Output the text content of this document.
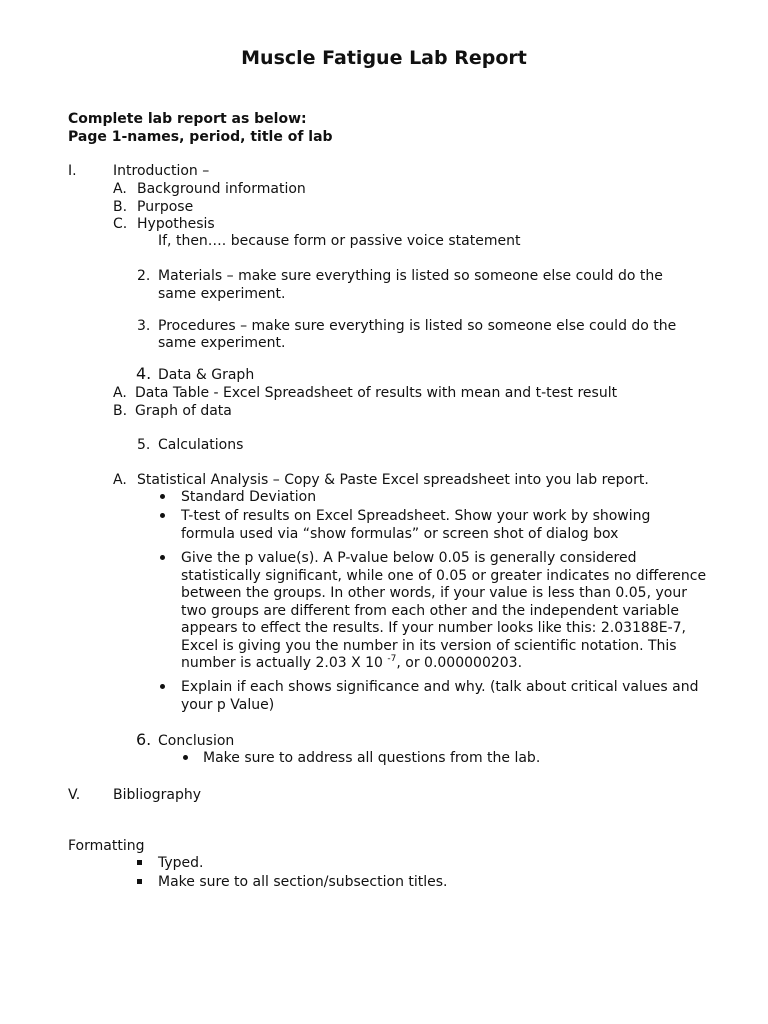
Muscle Fatigue Lab Report
Complete lab report as below:
Page 1-names, period, title of lab
I.	Introduction –
A. Background information
B. Purpose
C. Hypothesis
If, then…. because form or passive voice statement
2. Materials – make sure everything is listed so someone else could do the
same experiment.
3. Procedures – make sure everything is listed so someone else could do the
same experiment.
4. Data & Graph
A. Data Table - Excel Spreadsheet of results with mean and t-test result
B. Graph of data
5. Calculations
A. Statistical Analysis – Copy & Paste Excel spreadsheet into you lab report.
Standard Deviation
T-test of results on Excel Spreadsheet. Show your work by showing
formula used via “show formulas” or screen shot of dialog box
Give the p value(s). A P-value below 0.05 is generally considered
statistically significant, while one of 0.05 or greater indicates no difference
between the groups. In other words, if your value is less than 0.05, your
two groups are different from each other and the independent variable
appears to effect the results. If your number looks like this: 2.03188E-7,
Excel is giving you the number in its version of scientific notation. This
number is actually 2.03 X 10 $^{-7}$, or 0.000000203.
Explain if each shows significance and why. (talk about critical values and
your p Value)
6. Conclusion
Make sure to address all questions from the lab.
V. Bibliography
Formatting
Typed.
Make sure to all section/subsection titles.
